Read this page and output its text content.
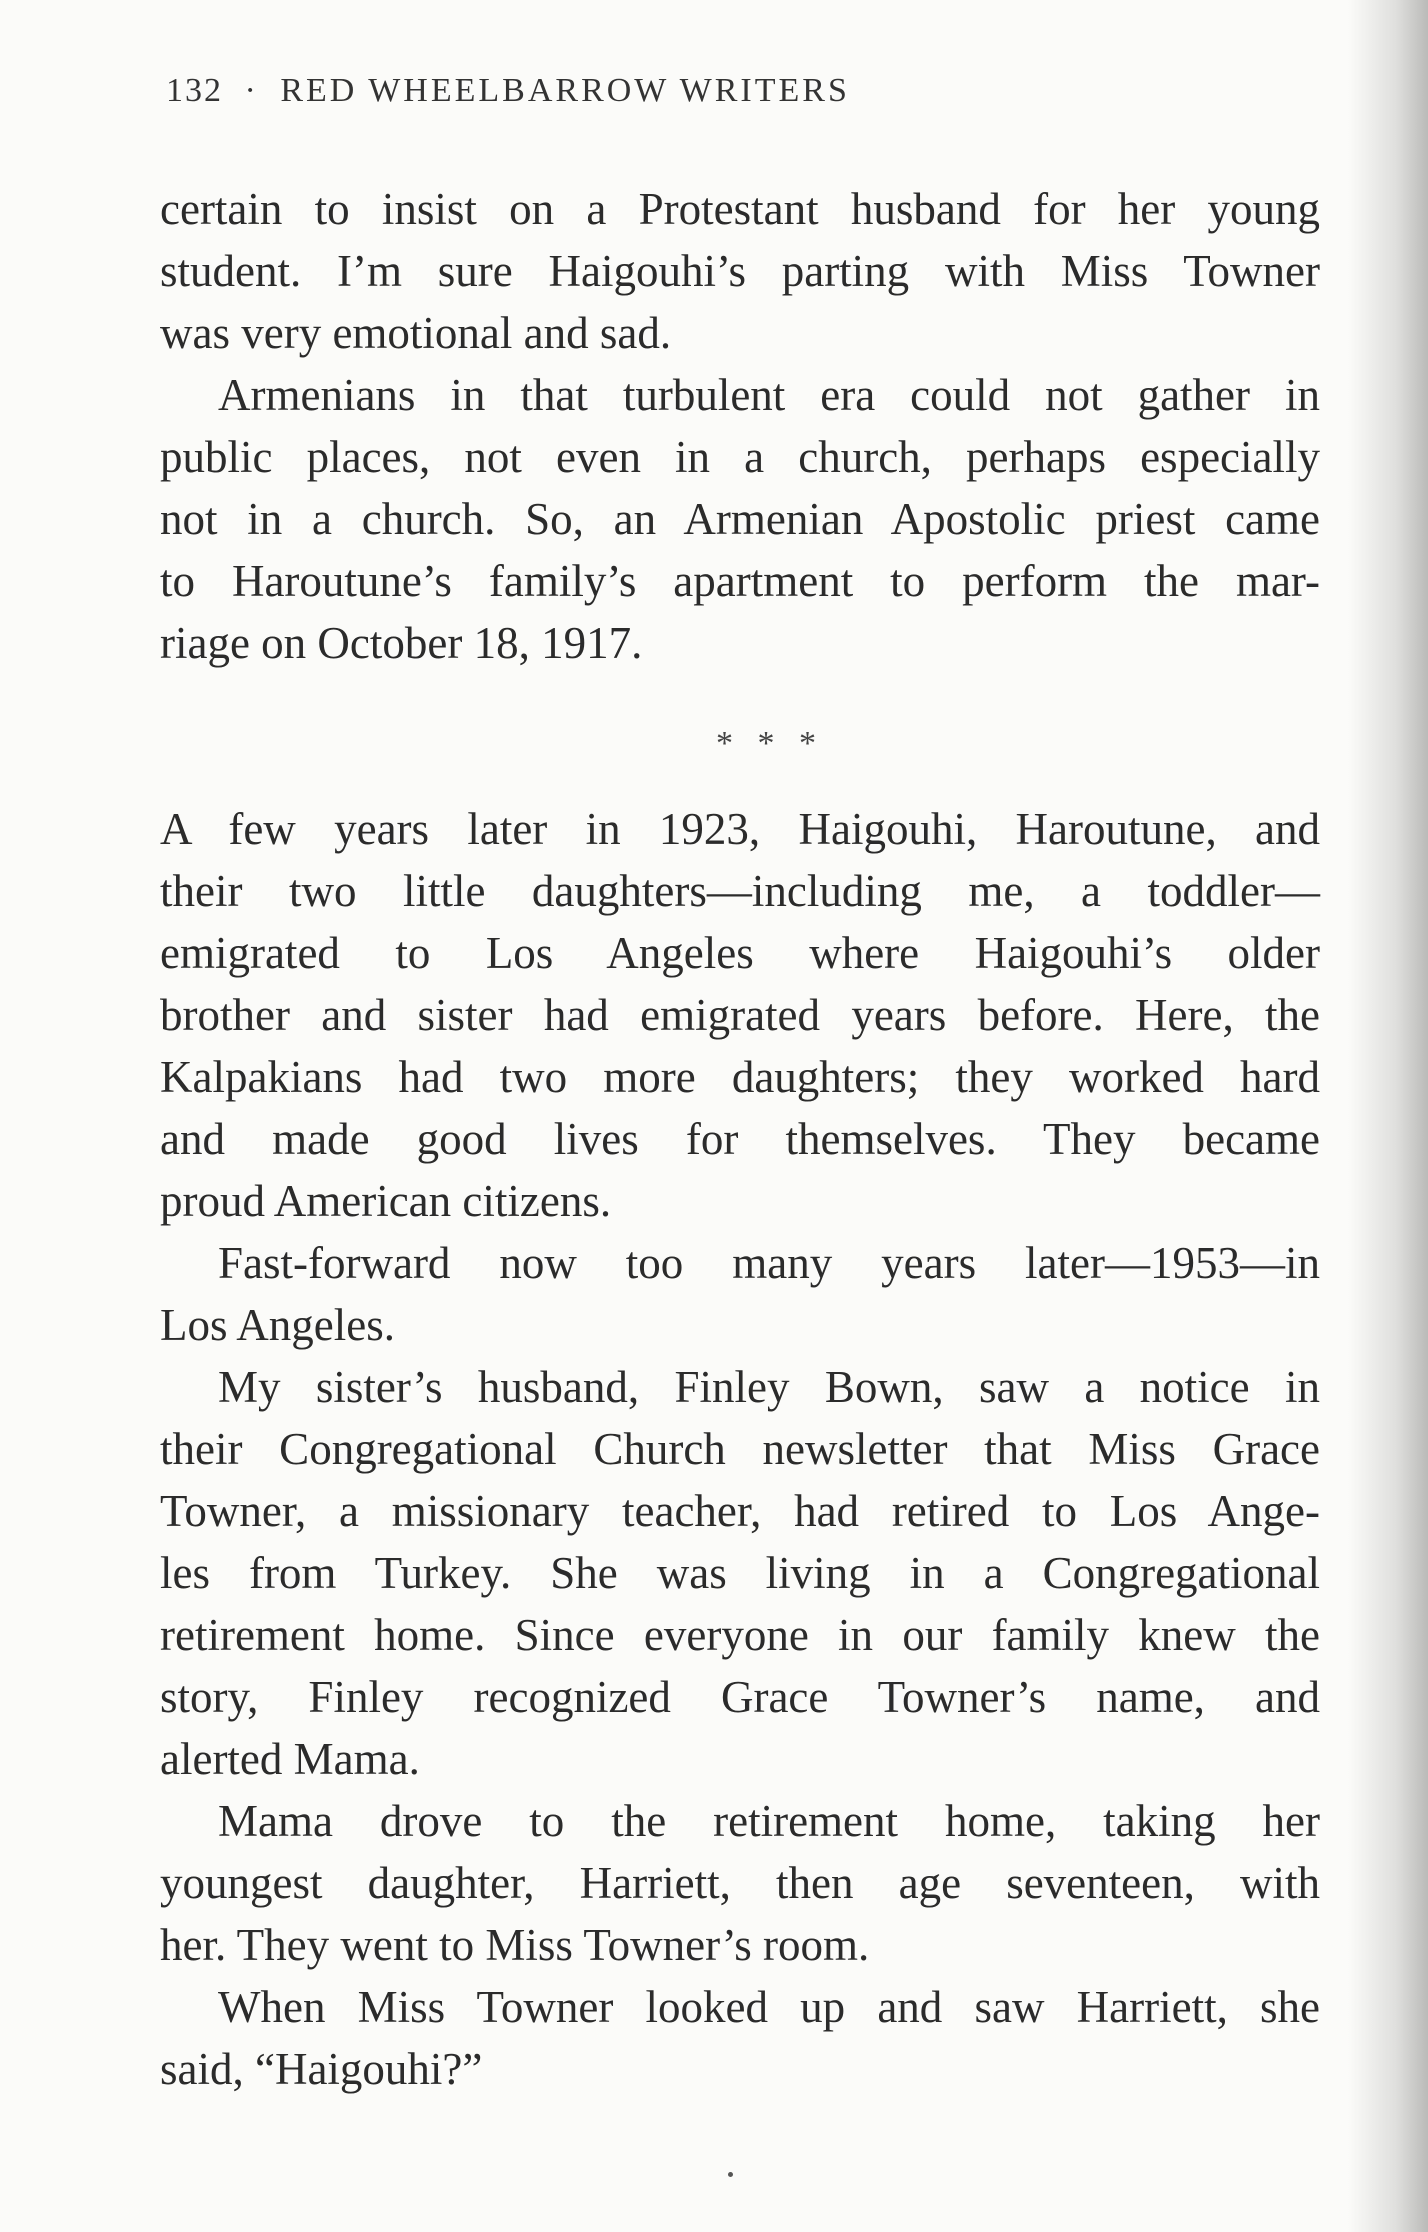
132 · RED WHEELBARROW WRITERS

certain to insist on a Protestant husband for her young
student. I’m sure Haigouhi’s parting with Miss Towner
was very emotional and sad.

Armenians in that turbulent era could not gather in
public places, not even in a church, perhaps especially
not in a church. So, an Armenian Apostolic priest came
to Haroutune’s family’s apartment to perform the mar-
riage on October 18, 1917.

* * *

A few years later in 1923, Haigouhi, Haroutune, and
their two little daughters—including me, a toddler—
emigrated to Los Angeles where Haigouhi’s older
brother and sister had emigrated years before. Here, the
Kalpakians had two more daughters; they worked hard
and made good lives for themselves. They became
proud American citizens.

Fast-forward now too many years later—1953—in
Los Angeles.

My sister’s husband, Finley Bown, saw a notice in
their Congregational Church newsletter that Miss Grace
Towner, a missionary teacher, had retired to Los Ange-
les from Turkey. She was living in a Congregational
retirement home. Since everyone in our family knew the
story, Finley recognized Grace Towner’s name, and
alerted Mama.

Mama drove to the retirement home, taking her
youngest daughter, Harriett, then age seventeen, with
her. They went to Miss Towner’s room.

When Miss Towner looked up and saw Harriett, she
said, “Haigouhi?”
